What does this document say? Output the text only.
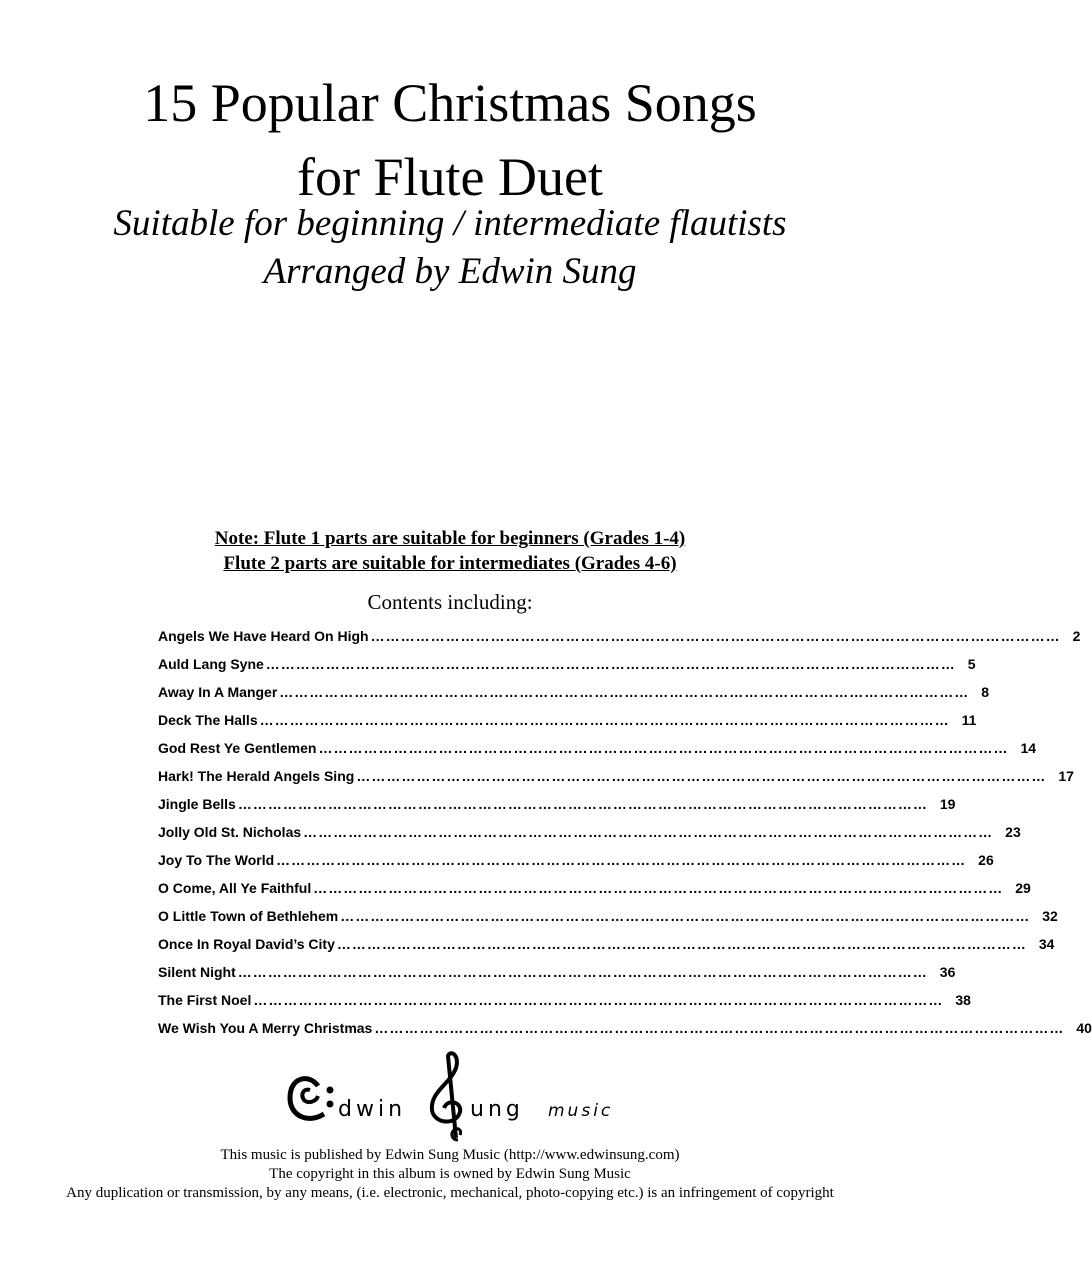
15 Popular Christmas Songs
for Flute Duet
Suitable for beginning / intermediate flautists
Arranged by Edwin Sung
Note: Flute 1 parts are suitable for beginners (Grades 1-4)
Flute 2 parts are suitable for intermediates (Grades 4-6)
Contents including:
Angels We Have Heard On High ………………………………………………………………………………………………………………………… 2
Auld Lang Syne ………………………………………………………………………………………………………………………… 5
Away In A Manger ………………………………………………………………………………………………………………………… 8
Deck The Halls ………………………………………………………………………………………………………………………… 11
God Rest Ye Gentlemen ………………………………………………………………………………………………………………………… 14
Hark! The Herald Angels Sing ………………………………………………………………………………………………………………………… 17
Jingle Bells ………………………………………………………………………………………………………………………… 19
Jolly Old St. Nicholas ………………………………………………………………………………………………………………………… 23
Joy To The World ………………………………………………………………………………………………………………………… 26
O Come, All Ye Faithful ………………………………………………………………………………………………………………………… 29
O Little Town of Bethlehem ………………………………………………………………………………………………………………………… 32
Once In Royal David’s City ………………………………………………………………………………………………………………………… 34
Silent Night ………………………………………………………………………………………………………………………… 36
The First Noel ………………………………………………………………………………………………………………………… 38
We Wish You A Merry Christmas ………………………………………………………………………………………………………………………… 40
dwin	ung music
This music is published by Edwin Sung Music (http://www.edwinsung.com)
The copyright in this album is owned by Edwin Sung Music
Any duplication or transmission, by any means, (i.e. electronic, mechanical, photo-copying etc.) is an infringement of copyright
